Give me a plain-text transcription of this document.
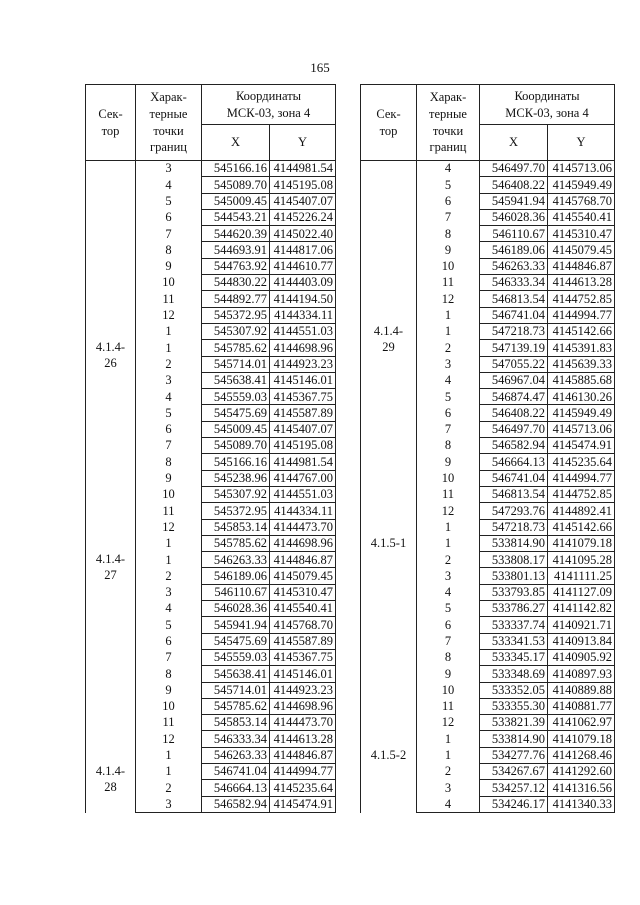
165
Сек-
тор	Харак-
терные
точки
границ	Координаты
МСК-03, зона 4	
		X	Y
	3	545166.16	4144981.54
	4	545089.70	4145195.08
	5	545009.45	4145407.07
	6	544543.21	4145226.24
	7	544620.39	4145022.40
	8	544693.91	4144817.06
	9	544763.92	4144610.77
	10	544830.22	4144403.09
	11	544892.77	4144194.50
	12	545372.95	4144334.11
	1	545307.92	4144551.03
4.1.4-
26	1	545785.62	4144698.96
	2	545714.01	4144923.23
	3	545638.41	4145146.01
	4	545559.03	4145367.75
	5	545475.69	4145587.89
	6	545009.45	4145407.07
	7	545089.70	4145195.08
	8	545166.16	4144981.54
	9	545238.96	4144767.00
	10	545307.92	4144551.03
	11	545372.95	4144334.11
	12	545853.14	4144473.70
	1	545785.62	4144698.96
4.1.4-
27	1	546263.33	4144846.87
	2	546189.06	4145079.45
	3	546110.67	4145310.47
	4	546028.36	4145540.41
	5	545941.94	4145768.70
	6	545475.69	4145587.89
	7	545559.03	4145367.75
	8	545638.41	4145146.01
	9	545714.01	4144923.23
	10	545785.62	4144698.96
	11	545853.14	4144473.70
	12	546333.34	4144613.28
	1	546263.33	4144846.87
4.1.4-
28	1	546741.04	4144994.77
	2	546664.13	4145235.64
	3	546582.94	4145474.91
Сек-
тор	Харак-
терные
точки
границ	Координаты
МСК-03, зона 4	
		X	Y
	4	546497.70	4145713.06
	5	546408.22	4145949.49
	6	545941.94	4145768.70
	7	546028.36	4145540.41
	8	546110.67	4145310.47
	9	546189.06	4145079.45
	10	546263.33	4144846.87
	11	546333.34	4144613.28
	12	546813.54	4144752.85
	1	546741.04	4144994.77
4.1.4-
29	1	547218.73	4145142.66
	2	547139.19	4145391.83
	3	547055.22	4145639.33
	4	546967.04	4145885.68
	5	546874.47	4146130.26
	6	546408.22	4145949.49
	7	546497.70	4145713.06
	8	546582.94	4145474.91
	9	546664.13	4145235.64
	10	546741.04	4144994.77
	11	546813.54	4144752.85
	12	547293.76	4144892.41
	1	547218.73	4145142.66
4.1.5-1	1	533814.90	4141079.18
	2	533808.17	4141095.28
	3	533801.13	4141111.25
	4	533793.85	4141127.09
	5	533786.27	4141142.82
	6	533337.74	4140921.71
	7	533341.53	4140913.84
	8	533345.17	4140905.92
	9	533348.69	4140897.93
	10	533352.05	4140889.88
	11	533355.30	4140881.77
	12	533821.39	4141062.97
	1	533814.90	4141079.18
4.1.5-2	1	534277.76	4141268.46
	2	534267.67	4141292.60
	3	534257.12	4141316.56
	4	534246.17	4141340.33
